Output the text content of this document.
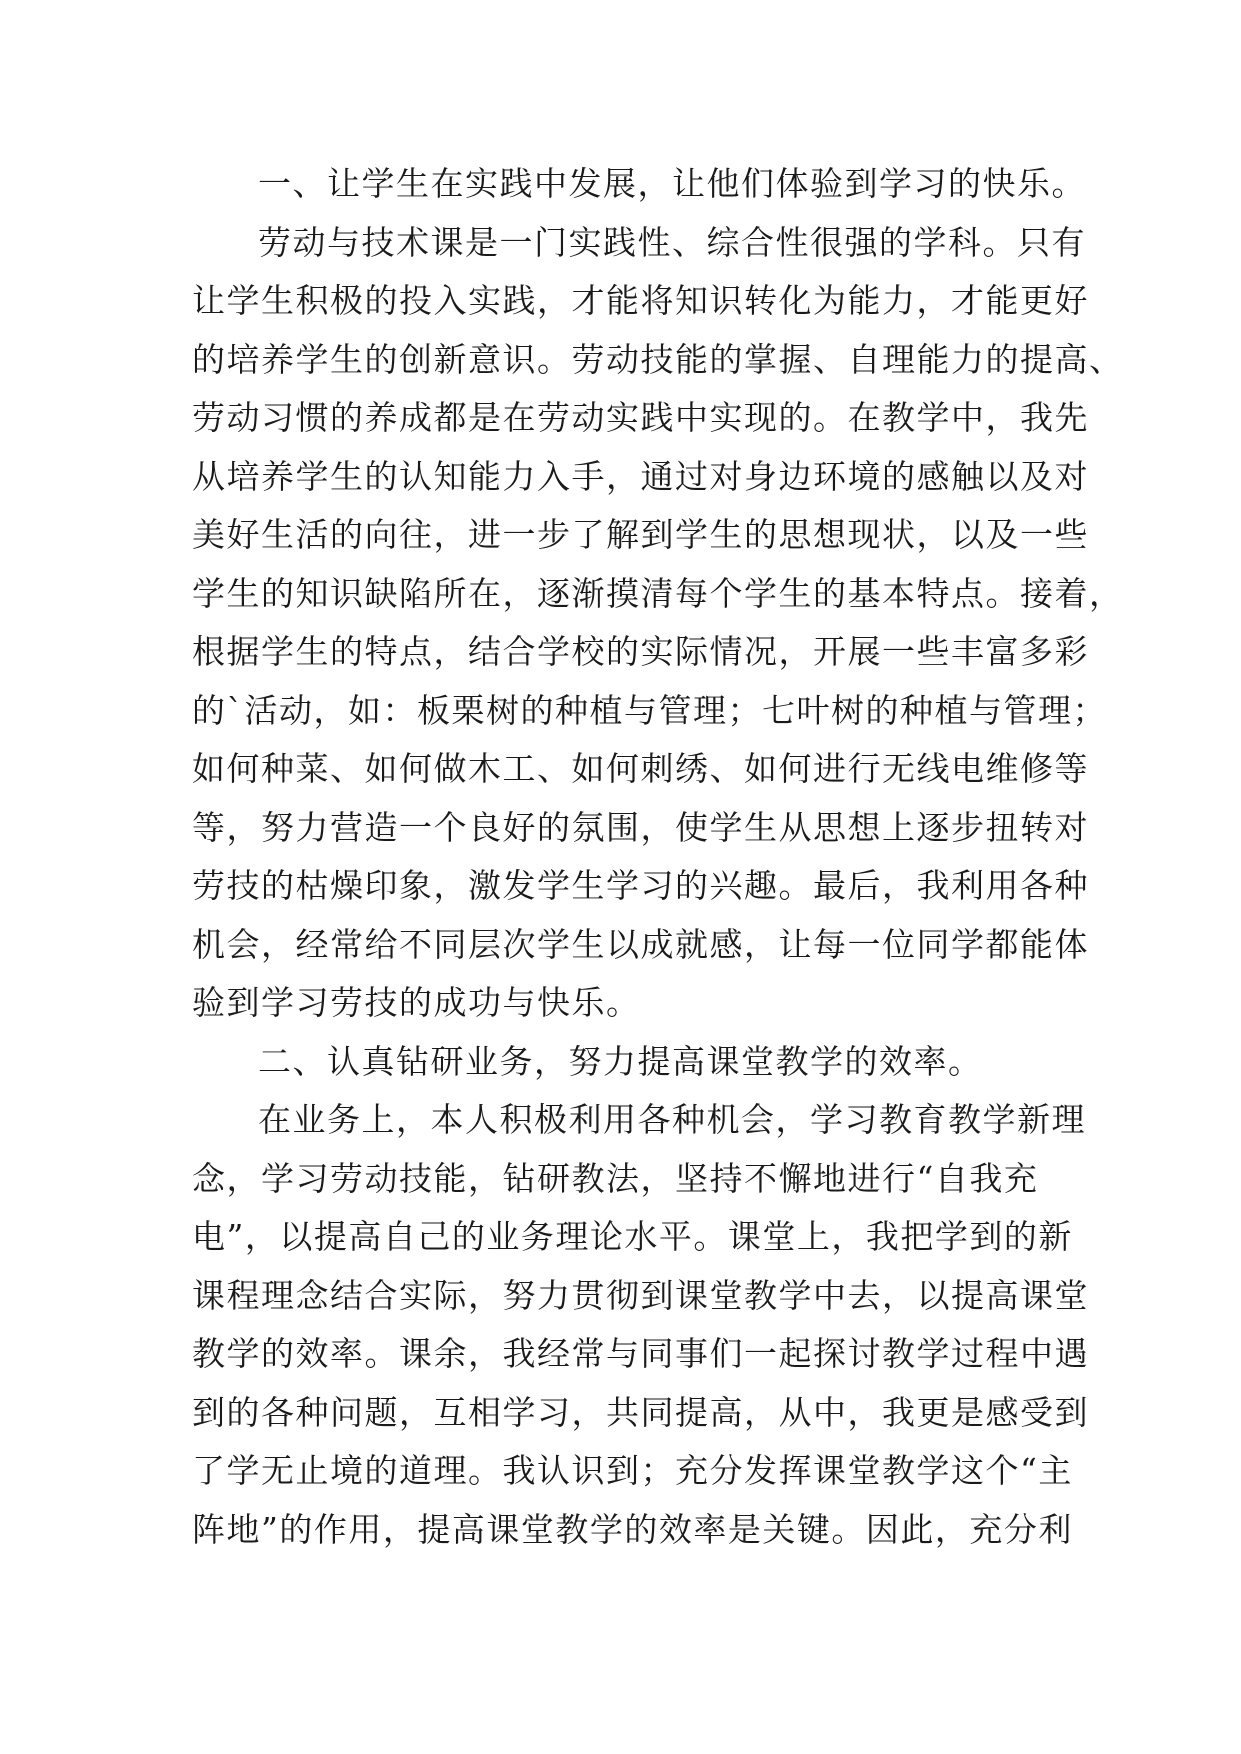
一、让学生在实践中发展，让他们体验到学习的快乐。
劳动与技术课是一门实践性、综合性很强的学科。只有
让学生积极的投入实践，才能将知识转化为能力，才能更好
的培养学生的创新意识。劳动技能的掌握、自理能力的提高、
劳动习惯的养成都是在劳动实践中实现的。在教学中，我先
从培养学生的认知能力入手，通过对身边环境的感触以及对
美好生活的向往，进一步了解到学生的思想现状，以及一些
学生的知识缺陷所在，逐渐摸清每个学生的基本特点。接着，
根据学生的特点，结合学校的实际情况，开展一些丰富多彩
的`活动，如：板栗树的种植与管理；七叶树的种植与管理；
如何种菜、如何做木工、如何刺绣、如何进行无线电维修等
等，努力营造一个良好的氛围，使学生从思想上逐步扭转对
劳技的枯燥印象，激发学生学习的兴趣。最后，我利用各种
机会，经常给不同层次学生以成就感，让每一位同学都能体
验到学习劳技的成功与快乐。
二、认真钻研业务，努力提高课堂教学的效率。
在业务上，本人积极利用各种机会，学习教育教学新理
念，学习劳动技能，钻研教法，坚持不懈地进行“自我充
电”，以提高自己的业务理论水平。课堂上，我把学到的新
课程理念结合实际，努力贯彻到课堂教学中去，以提高课堂
教学的效率。课余，我经常与同事们一起探讨教学过程中遇
到的各种问题，互相学习，共同提高，从中，我更是感受到
了学无止境的道理。我认识到；充分发挥课堂教学这个“主
阵地”的作用，提高课堂教学的效率是关键。因此，充分利
